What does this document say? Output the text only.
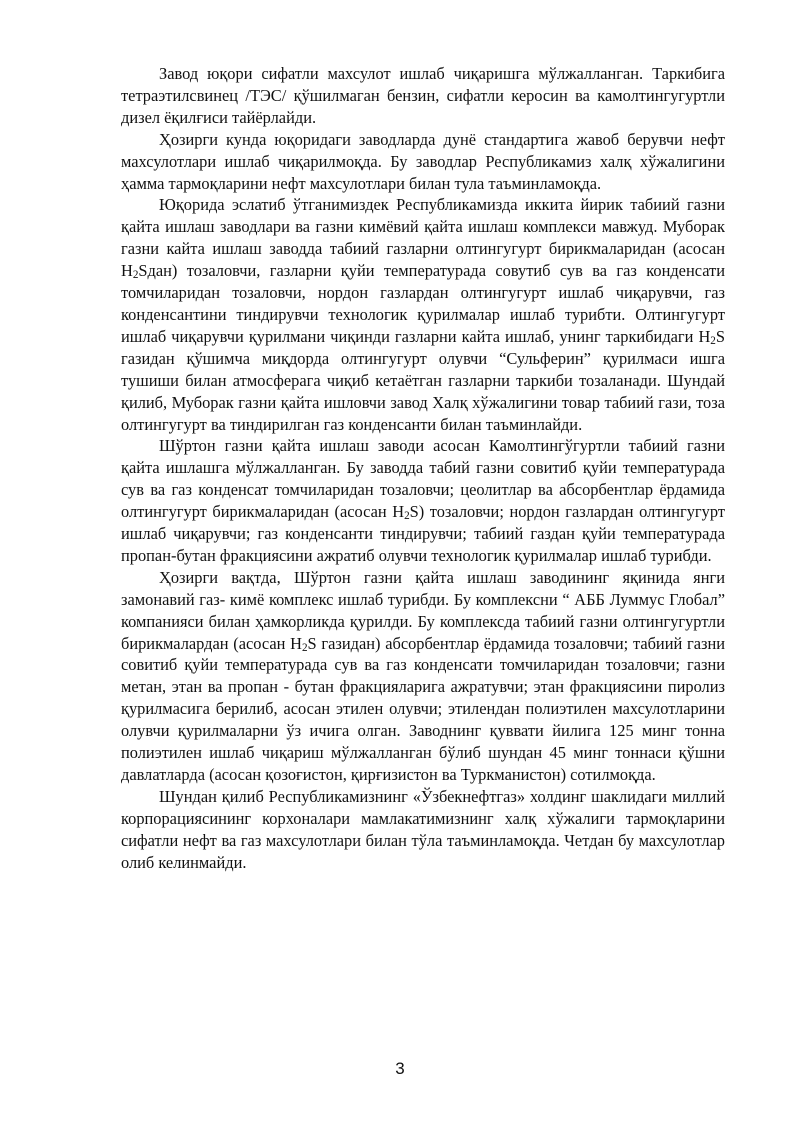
Завод юқори сифатли махсулот ишлаб чиқаришга мўлжалланган. Таркибига тетраэтилсвинец /ТЭС/ қўшилмаган бензин, сифатли керосин ва камолтингугуртли дизел ёқилғиси тайёрлайди.

Ҳозирги кунда юқоридаги заводларда дунё стандартига жавоб берувчи нефт махсулотлари ишлаб чиқарилмоқда. Бу заводлар Республикамиз халқ хўжалигини ҳамма тармоқларини нефт махсулотлари билан тула таъминламоқда.

Юқорида эслатиб ўтганимиздек Республикамизда иккита йирик табиий газни қайта ишлаш заводлари ва газни кимёвий қайта ишлаш комплекси мавжуд. Муборак газни кайта ишлаш заводда табиий газларни олтингугурт бирикмаларидан (асосан $H_2Sдан$) тозаловчи, газларни қуйи температурада совутиб сув ва газ конденсати томчиларидан тозаловчи, нордон газлардан олтингугурт ишлаб чиқарувчи, газ конденсантини тиндирувчи технологик қурилмалар ишлаб турибти. Олтингугурт ишлаб чиқарувчи қурилмани чиқинди газларни кайта ишлаб, унинг таркибидаги $H_2S$ газидан қўшимча миқдорда олтингугурт олувчи “Сульферин” қурилмаси ишга тушиши билан атмосферага чиқиб кетаётган газларни таркиби тозаланади. Шундай қилиб, Муборак газни қайта ишловчи завод Халқ хўжалигини товар табиий гази, тоза олтингугурт ва тиндирилган газ конденсанти билан таъминлайди.

Шўртон газни қайта ишлаш заводи асосан Камолтингўгуртли табиий газни қайта ишлашга мўлжалланган. Бу заводда табий газни совитиб қуйи температурада сув ва газ конденсат томчиларидан тозаловчи; цеолитлар ва абсорбентлар ёрдамида олтингугурт бирикмаларидан (асосан $H_2S$) тозаловчи; нордон газлардан олтингугурт ишлаб чиқарувчи; газ конденсанти тиндирувчи; табиий газдан қуйи температурада пропан-бутан фракциясини ажратиб олувчи технологик қурилмалар ишлаб турибди.

Ҳозирги вақтда, Шўртон газни қайта ишлаш заводининг яқинида янги замонавий газ- кимё комплекс ишлаб турибди. Бу комплексни “ АББ Луммус Глобал” компанияси билан ҳамкорликда қурилди. Бу комплексда табиий газни олтингугуртли бирикмалардан (асосан $H_2S$ газидан) абсорбентлар ёрдамида тозаловчи; табиий газни совитиб қуйи температурада сув ва газ конденсати томчиларидан тозаловчи; газни метан, этан ва пропан - бутан фракцияларига ажратувчи; этан фракциясини пиролиз қурилмасига берилиб, асосан этилен олувчи; этилендан полиэтилен махсулотларини олувчи қурилмаларни ўз ичига олган. Заводнинг қуввати йилига 125 минг тонна полиэтилен ишлаб чиқариш мўлжалланган бўлиб шундан 45 минг тоннаси қўшни давлатларда (асосан қозоғистон, қирғизистон ва Туркманистон) сотилмоқда.

Шундан қилиб Республикамизнинг «Ўзбекнефтгаз» холдинг шаклидаги миллий корпорациясининг корхоналари мамлакатимизнинг халқ хўжалиги тармоқларини сифатли нефт ва газ махсулотлари билан тўла таъминламоқда. Четдан бу махсулотлар олиб келинмайди.

3
